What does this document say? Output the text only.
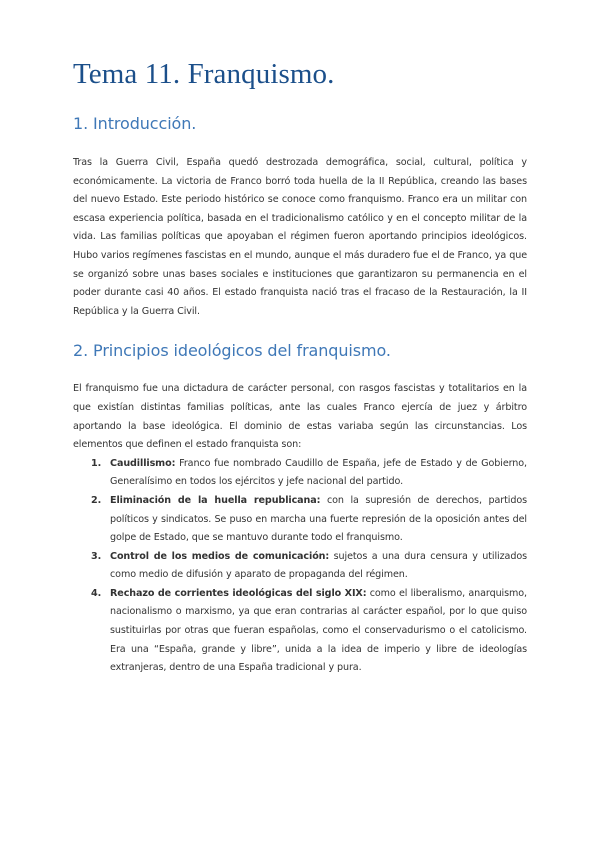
Tema 11. Franquismo.
1. Introducción.

Tras la Guerra Civil, España quedó destrozada demográfica, social, cultural, política y económicamente. La victoria de Franco borró toda huella de la II República, creando las bases del nuevo Estado. Este periodo histórico se conoce como franquismo. Franco era un militar con escasa experiencia política, basada en el tradicionalismo católico y en el concepto militar de la vida. Las familias políticas que apoyaban el régimen fueron aportando principios ideológicos. Hubo varios regímenes fascistas en el mundo, aunque el más duradero fue el de Franco, ya que se organizó sobre unas bases sociales e instituciones que garantizaron su permanencia en el poder durante casi 40 años. El estado franquista nació tras el fracaso de la Restauración, la II República y la Guerra Civil.

2. Principios ideológicos del franquismo.

El franquismo fue una dictadura de carácter personal, con rasgos fascistas y totalitarios en la que existían distintas familias políticas, ante las cuales Franco ejercía de juez y árbitro aportando la base ideológica. El dominio de estas variaba según las circunstancias. Los elementos que definen el estado franquista son:

1. Caudillismo: Franco fue nombrado Caudillo de España, jefe de Estado y de Gobierno, Generalísimo en todos los ejércitos y jefe nacional del partido.
2. Eliminación de la huella republicana: con la supresión de derechos, partidos políticos y sindicatos. Se puso en marcha una fuerte represión de la oposición antes del golpe de Estado, que se mantuvo durante todo el franquismo.
3. Control de los medios de comunicación: sujetos a una dura censura y utilizados como medio de difusión y aparato de propaganda del régimen.
4. Rechazo de corrientes ideológicas del siglo XIX: como el liberalismo, anarquismo, nacionalismo o marxismo, ya que eran contrarias al carácter español, por lo que quiso sustituirlas por otras que fueran españolas, como el conservadurismo o el catolicismo. Era una “España, grande y libre”, unida a la idea de imperio y libre de ideologías extranjeras, dentro de una España tradicional y pura.
